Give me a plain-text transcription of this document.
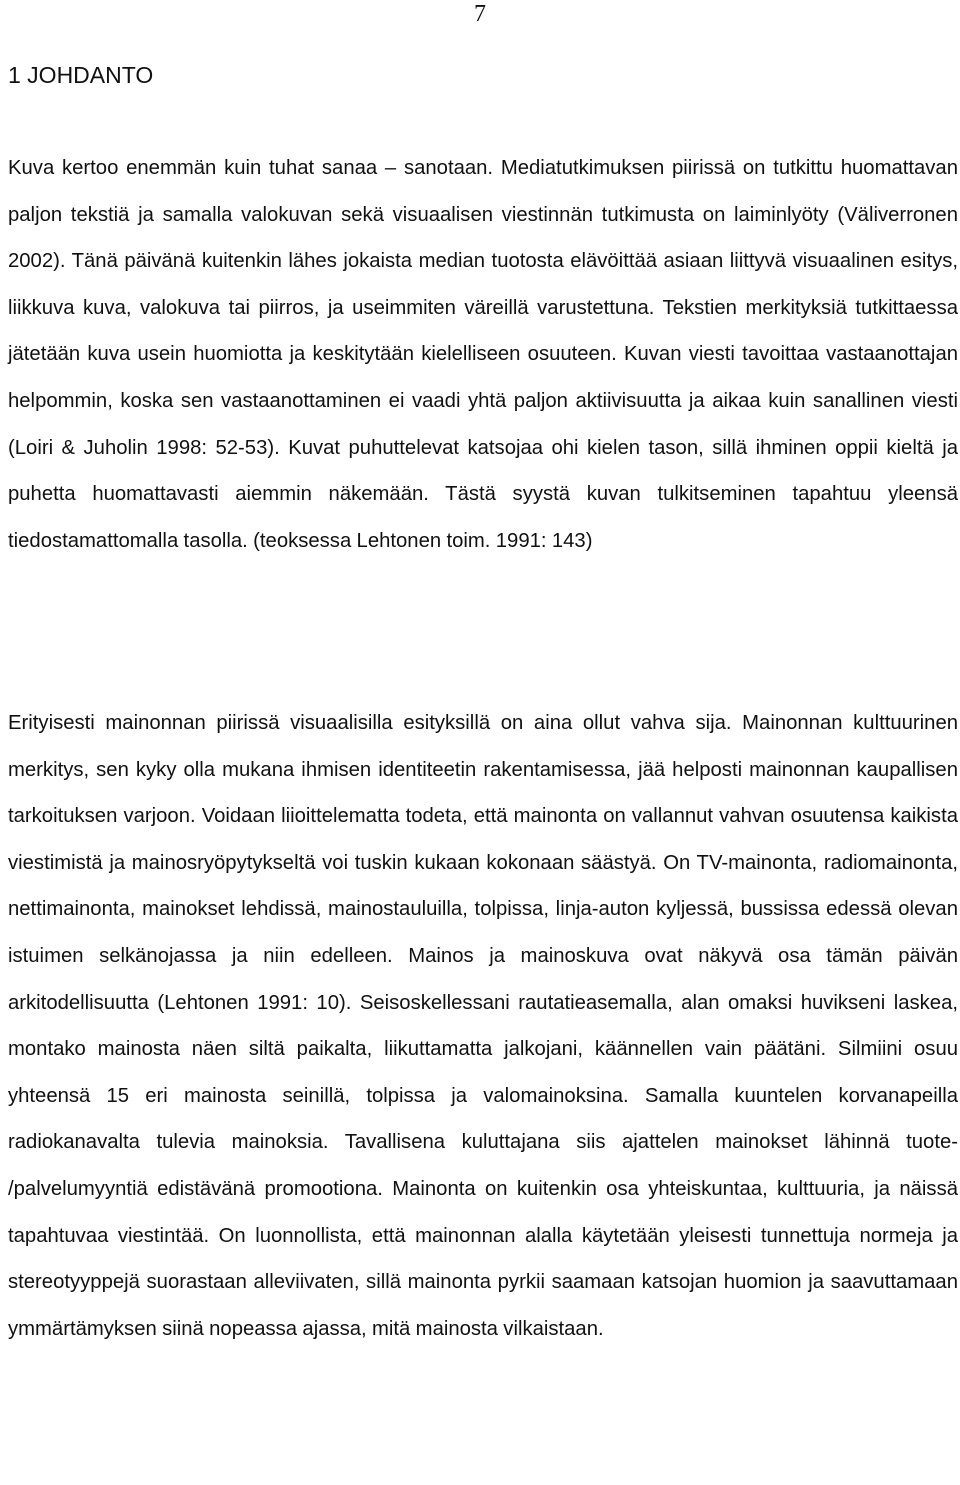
7
1 JOHDANTO

Kuva kertoo enemmän kuin tuhat sanaa – sanotaan. Mediatutkimuksen piirissä on tutkittu huomattavan paljon tekstiä ja samalla valokuvan sekä visuaalisen viestinnän tutkimusta on laiminlyöty (Väliverronen 2002). Tänä päivänä kuitenkin lähes jokaista median tuotosta elävöittää asiaan liittyvä visuaalinen esitys, liikkuva kuva, valokuva tai piirros, ja useimmiten väreillä varustettuna. Tekstien merkityksiä tutkittaessa jätetään kuva usein huomiotta ja keskitytään kielelliseen osuuteen. Kuvan viesti tavoittaa vastaanottajan helpommin, koska sen vastaanottaminen ei vaadi yhtä paljon aktiivisuutta ja aikaa kuin sanallinen viesti (Loiri & Juholin 1998: 52-53). Kuvat puhuttelevat katsojaa ohi kielen tason, sillä ihminen oppii kieltä ja puhetta huomattavasti aiemmin näkemään. Tästä syystä kuvan tulkitseminen tapahtuu yleensä tiedostamattomalla tasolla. (teoksessa Lehtonen toim. 1991: 143)

Erityisesti mainonnan piirissä visuaalisilla esityksillä on aina ollut vahva sija. Mainonnan kulttuurinen merkitys, sen kyky olla mukana ihmisen identiteetin rakentamisessa, jää helposti mainonnan kaupallisen tarkoituksen varjoon. Voidaan liioittelematta todeta, että mainonta on vallannut vahvan osuutensa kaikista viestimistä ja mainosryöpytykseltä voi tuskin kukaan kokonaan säästyä. On TV-mainonta, radiomainonta, nettimainonta, mainokset lehdissä, mainostauluilla, tolpissa, linja-auton kyljessä, bussissa edessä olevan istuimen selkänojassa ja niin edelleen. Mainos ja mainoskuva ovat näkyvä osa tämän päivän arkitodellisuutta (Lehtonen 1991: 10). Seisoskellessani rautatieasemalla, alan omaksi huvikseni laskea, montako mainosta näen siltä paikalta, liikuttamatta jalkojani, käännellen vain päätäni. Silmiini osuu yhteensä 15 eri mainosta seinillä, tolpissa ja valomainoksina. Samalla kuuntelen korvanapeilla radiokanavalta tulevia mainoksia. Tavallisena kuluttajana siis ajattelen mainokset lähinnä tuote- /palvelumyyntiä edistävänä promootiona. Mainonta on kuitenkin osa yhteiskuntaa, kulttuuria, ja näissä tapahtuvaa viestintää. On luonnollista, että mainonnan alalla käytetään yleisesti tunnettuja normeja ja stereotyyppejä suorastaan alleviivaten, sillä mainonta pyrkii saamaan katsojan huomion ja saavuttamaan ymmärtämyksen siinä nopeassa ajassa, mitä mainosta vilkaistaan.
